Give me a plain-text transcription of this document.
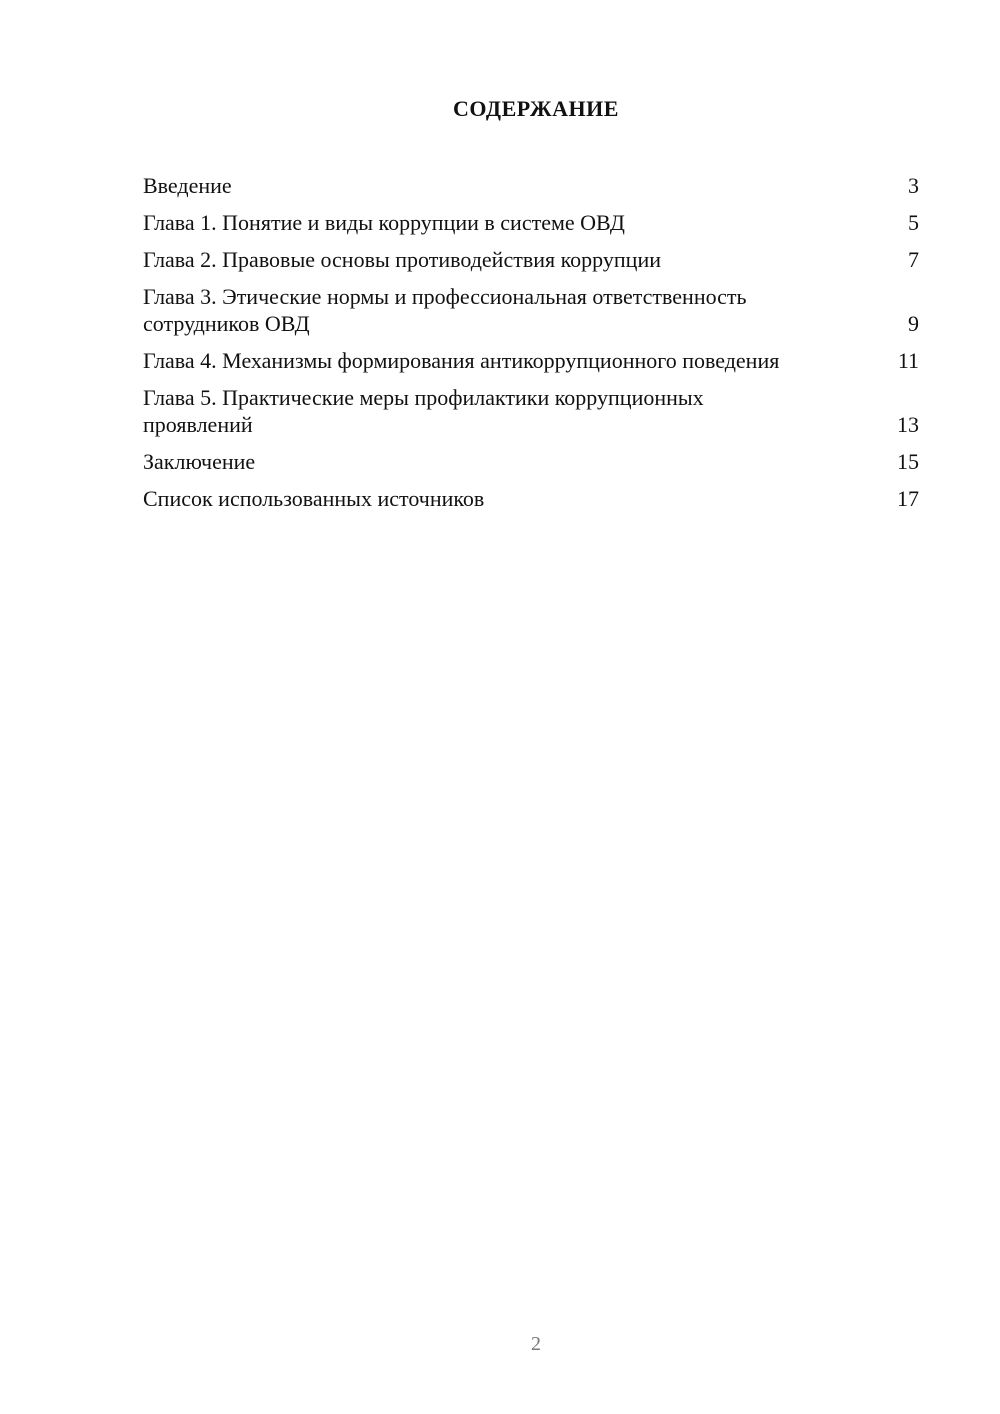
СОДЕРЖАНИЕ
Введение	3
Глава 1. Понятие и виды коррупции в системе ОВД	5
Глава 2. Правовые основы противодействия коррупции	7
Глава 3. Этические нормы и профессиональная ответственность сотрудников ОВД	9
Глава 4. Механизмы формирования антикоррупционного поведения	11
Глава 5. Практические меры профилактики коррупционных проявлений	13
Заключение	15
Список использованных источников	17
2
